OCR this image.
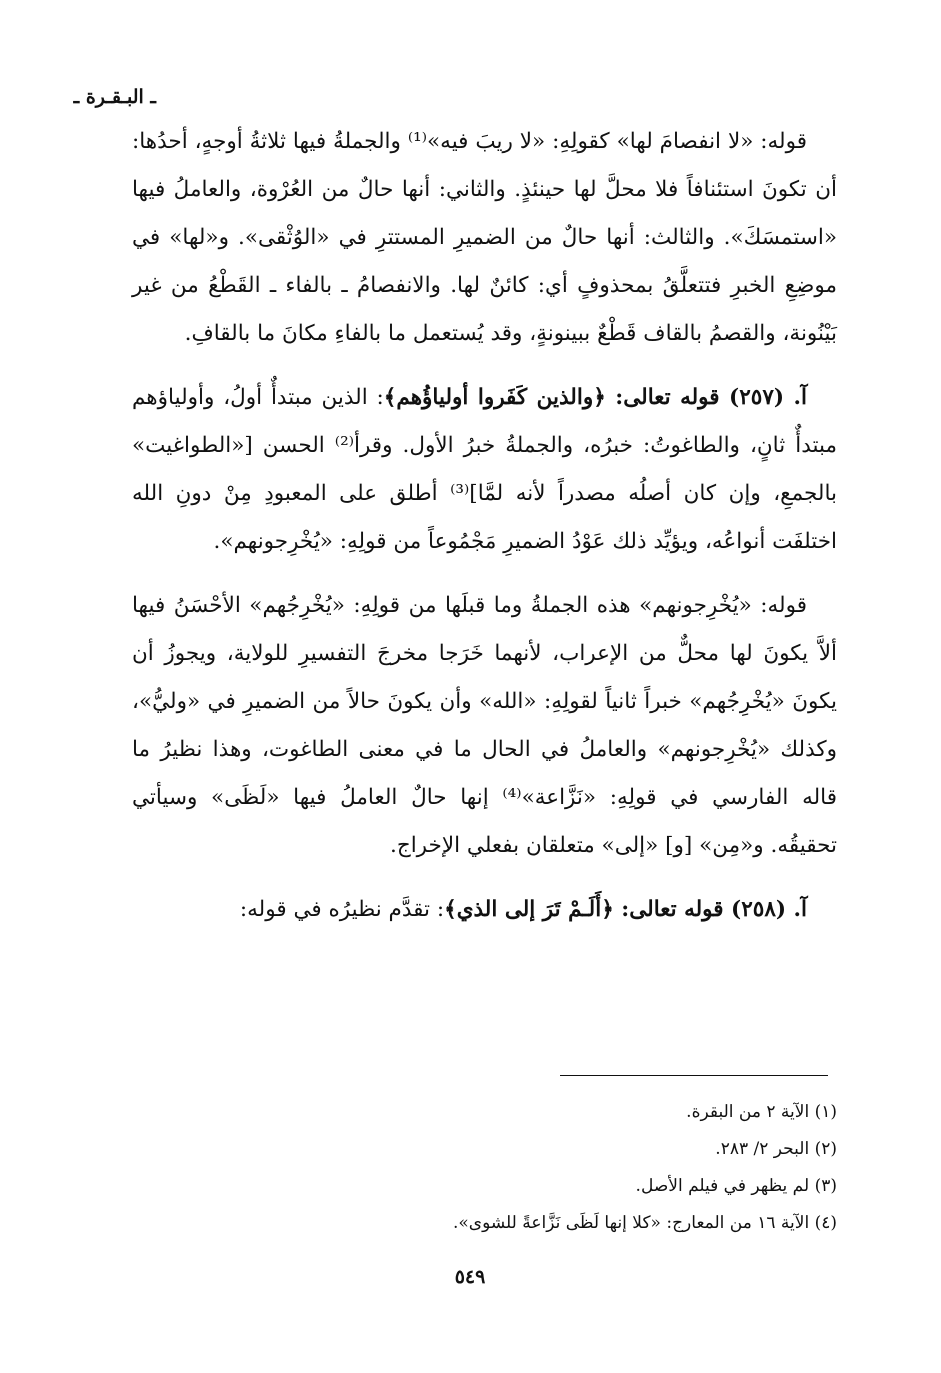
ـ البـقـرة ـ

قوله: «لا انفصامَ لها» كقولِهِ: «لا ريبَ فيه»⁽¹⁾ والجملةُ فيها ثلاثةُ أوجهٍ، أحدُها: أن تكونَ استئنافاً فلا محلَّ لها حينئذٍ. والثاني: أنها حالٌ من العُرْوة، والعاملُ فيها «استمسَكَ». والثالث: أنها حالٌ من الضميرِ المستترِ في «الوُثْقى». و«لها» في موضِعِ الخبرِ فتتعلَّقُ بمحذوفٍ أي: كائنٌ لها. والانفصامُ ـ بالفاء ـ القَطْعُ من غير بَيْنُونة، والقصمُ بالقاف قَطْعٌ ببينونةٍ، وقد يُستعمل ما بالفاءِ مكانَ ما بالقافِ.

آ. (٢٥٧) قوله تعالى: ﴿والذين كَفَروا أولياؤُهم﴾: الذين مبتدأٌ أولُ، وأولياؤهم مبتدأٌ ثانٍ، والطاغوتُ: خبرُه، والجملةُ خبرُ الأول. وقرأ⁽²⁾ الحسن [«الطواغيت» بالجمعِ، وإن كان أصلُه مصدراً لأنه لمَّا]⁽³⁾ أطلق على المعبودِ مِنْ دونِ الله اختلفَت أنواعُه، ويؤيِّد ذلك عَوْدُ الضميرِ مَجْمُوعاً من قولِهِ: «يُخْرِجونهم».

قوله: «يُخْرِجونهم» هذه الجملةُ وما قبلَها من قولِهِ: «يُخْرِجُهم» الأحْسَنُ فيها ألاَّ يكونَ لها محلٌّ من الإعراب، لأنهما خَرَجا مخرجَ التفسيرِ للولاية، ويجوزُ أن يكونَ «يُخْرِجُهم» خبراً ثانياً لقولِهِ: «الله» وأن يكونَ حالاً من الضميرِ في «وليُّ»، وكذلك «يُخْرِجونهم» والعاملُ في الحال ما في معنى الطاغوت، وهذا نظيرُ ما قاله الفارسي في قولِهِ: «نَزَّاعة»⁽⁴⁾ إنها حالٌ العاملُ فيها «لَظَى» وسيأتي تحقيقُه. و«مِن» [و] «إلى» متعلقان بفعلي الإخراج.

آ. (٢٥٨) قوله تعالى: ﴿أَلَـمْ تَرَ إلى الذي﴾: تقدَّم نظيرُه في قوله:

(١) الآية ٢ من البقرة.

(٢) البحر ٢/ ٢٨٣.

(٣) لم يظهر في فيلم الأصل.

(٤) الآية ١٦ من المعارج: «كلا إنها لَظَى نَزَّاعةً للشوى».

٥٤٩
